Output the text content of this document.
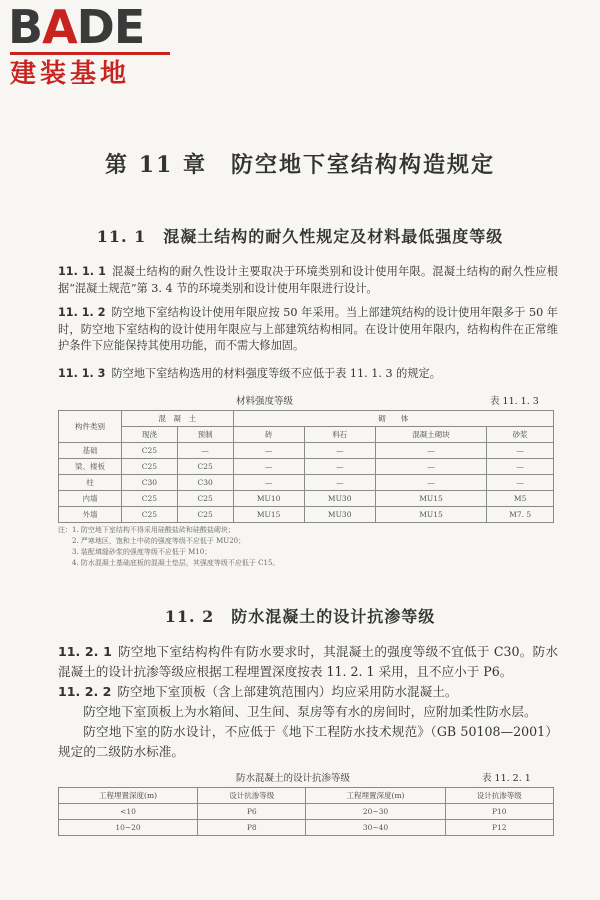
BADE
建装基地
第 11 章　防空地下室结构构造规定
11. 1　混凝土结构的耐久性规定及材料最低强度等级
11. 1. 1 混凝土结构的耐久性设计主要取决于环境类别和设计使用年限。混凝土结构的耐久性应根据“混凝土规范”第 3. 4 节的环境类别和设计使用年限进行设计。
11. 1. 2 防空地下室结构设计使用年限应按 50 年采用。当上部建筑结构的设计使用年限多于 50 年时，防空地下室结构的设计使用年限应与上部建筑结构相同。在设计使用年限内，结构构件在正常维护条件下应能保持其使用功能，而不需大修加固。
11. 1. 3 防空地下室结构选用的材料强度等级不应低于表 11. 1. 3 的规定。
材料强度等级	表 11. 1. 3
构件类别	混　凝　土		砌　　体			
	现浇	预制	砖	料石	混凝土砌块	砂浆
基础	C25	—	—	—	—	—
梁、楼板	C25	C25	—	—	—	—
柱	C30	C30	—	—	—	—
内墙	C25	C25	MU10	MU30	MU15	M5
外墙	C25	C25	MU15	MU30	MU15	M7. 5
注：1. 防空地下室结构不得采用硅酸盐砖和硅酸盐砌块；
2. 严寒地区，饱和土中砖的强度等级不应低于 MU20；
3. 装配填缝砂浆的强度等级不应低于 M10；
4. 防水混凝土基础底板的混凝土垫层，其强度等级不应低于 C15。
11. 2　防水混凝土的设计抗渗等级
11. 2. 1 防空地下室结构构件有防水要求时，其混凝土的强度等级不宜低于 C30。防水混凝土的设计抗渗等级应根据工程埋置深度按表 11. 2. 1 采用，且不应小于 P6。
11. 2. 2 防空地下室顶板（含上部建筑范围内）均应采用防水混凝土。
防空地下室顶板上为水箱间、卫生间、泵房等有水的房间时，应附加柔性防水层。
防空地下室的防水设计，不应低于《地下工程防水技术规范》（GB 50108—2001）规定的二级防水标准。
防水混凝土的设计抗渗等级	表 11. 2. 1
工程埋置深度(m)	设计抗渗等级	工程埋置深度(m)	设计抗渗等级
<10	P6	20~30	P10
10~20	P8	30~40	P12
